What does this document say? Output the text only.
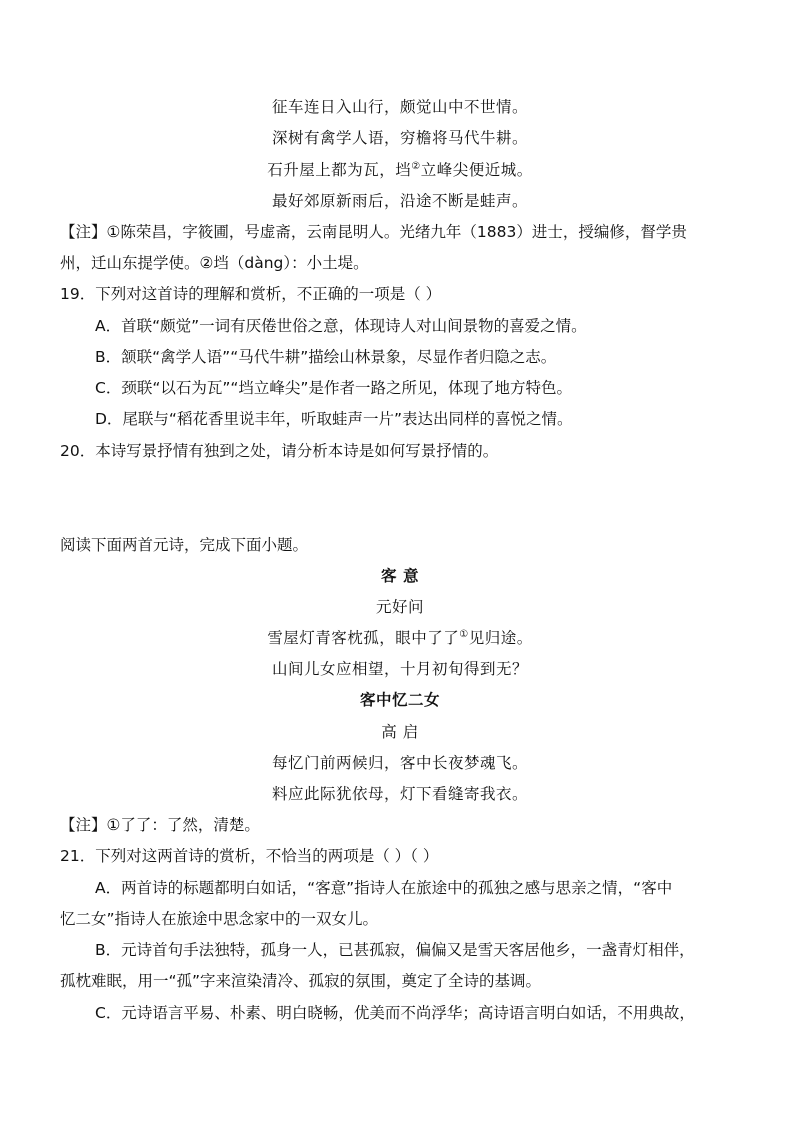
征车连日入山行，颇觉山中不世情。
深树有禽学人语，穷檐将马代牛耕。
石升屋上都为瓦，垱②立峰尖便近城。
最好郊原新雨后，沿途不断是蛙声。
【注】①陈荣昌，字筱圃，号虚斋，云南昆明人。光绪九年（1883）进士，授编修，督学贵
州，迁山东提学使。②垱（dàng）：小土堤。
19．下列对这首诗的理解和赏析，不正确的一项是（ ）
A．首联“颇觉”一词有厌倦世俗之意，体现诗人对山间景物的喜爱之情。
B．颔联“禽学人语”“马代牛耕”描绘山林景象，尽显作者归隐之志。
C．颈联“以石为瓦”“垱立峰尖”是作者一路之所见，体现了地方特色。
D．尾联与“稻花香里说丰年，听取蛙声一片”表达出同样的喜悦之情。
20．本诗写景抒情有独到之处，请分析本诗是如何写景抒情的。
阅读下面两首元诗，完成下面小题。
客 意
元好问
雪屋灯青客枕孤，眼中了了①见归途。
山间儿女应相望，十月初旬得到无？
客中忆二女
高 启
每忆门前两候归，客中长夜梦魂飞。
料应此际犹依母，灯下看缝寄我衣。
【注】①了了：了然，清楚。
21．下列对这两首诗的赏析，不恰当的两项是（ ）（ ）
A．两首诗的标题都明白如话，“客意”指诗人在旅途中的孤独之感与思亲之情，“客中
忆二女”指诗人在旅途中思念家中的一双女儿。
B．元诗首句手法独特，孤身一人，已甚孤寂，偏偏又是雪天客居他乡，一盏青灯相伴，
孤枕难眠，用一“孤”字来渲染清冷、孤寂的氛围，奠定了全诗的基调。
C．元诗语言平易、朴素、明白晓畅，优美而不尚浮华；高诗语言明白如话，不用典故，
